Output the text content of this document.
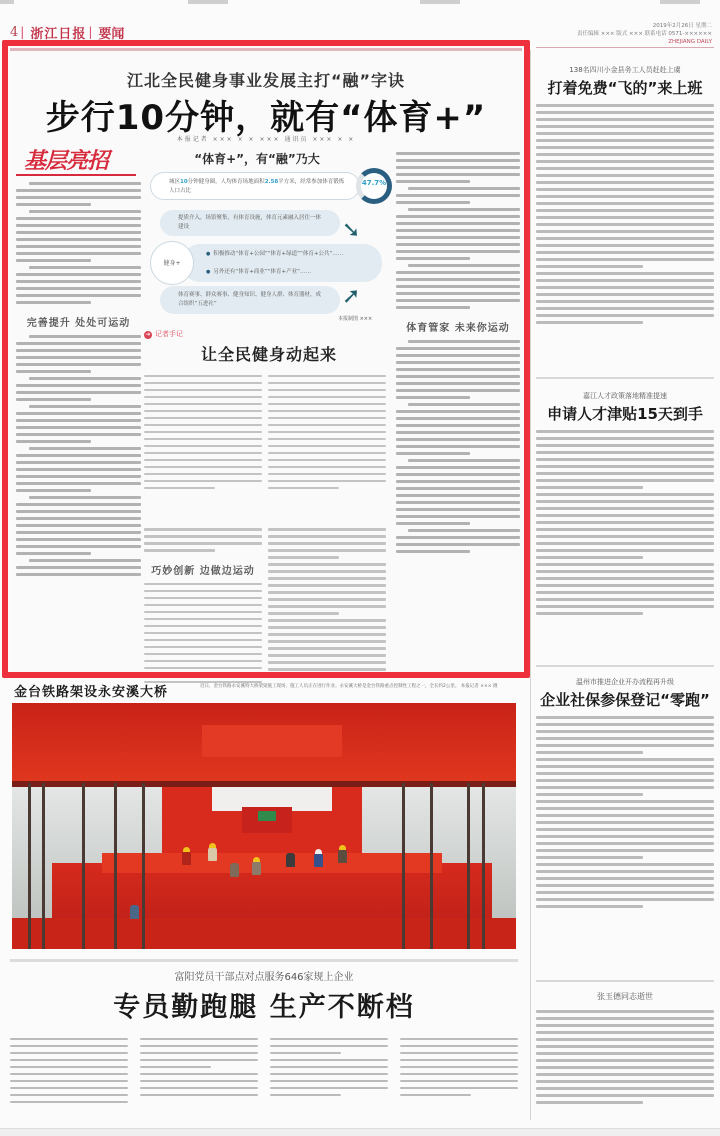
4 | 浙江日报 | 要闻
2019年2月26日 星期二
责任编辑 ××× 版式 ××× 联系电话 0571-××××××
ZHEJIANG DAILY
江北全民健身事业发展主打“融”字诀
步行10分钟，就有“体育+”
本报记者 ××× × × ××× 通讯员 ××× × ×
基层亮招
完善提升 处处可运动
“体育+”，有“融”乃大
城区10分钟健身圈，人均体育场地面积2.58平方米，经常参加体育锻炼人口占比
47.7%
提质介入，场馆聚集，有体育设施，体育元素融入居住一体建设	➘
健身+
● 积极推动“体育+公园”“体育+绿道”“体育+公共”……
● 另外还有“体育+商业”“体育+产业”……
体育赛事、群众赛事、健身知识、健身人群、体育器材，成合组织“五进社”	➚
本报制图 ×××
➔ 记者手记
让全民健身动起来
巧妙创新 边做边运动
体育管家 未来你运动
138名四川小金县务工人员赶赴上虞
打着免费“飞的”来上班
嘉江人才政策落地精准提速
申请人才津贴15天到手
温州市推进企业开办流程再升级
企业社保参保登记“零跑”
张玉德同志逝世
金台铁路架设永安溪大桥	近日，金台铁路永安溪特大桥架梁施工现场，施工人员正在进行作业。永安溪大桥是金台铁路重点控制性工程之一，全长约2公里。 本报记者 ××× 摄
富阳党员干部点对点服务646家规上企业
专员勤跑腿 生产不断档
